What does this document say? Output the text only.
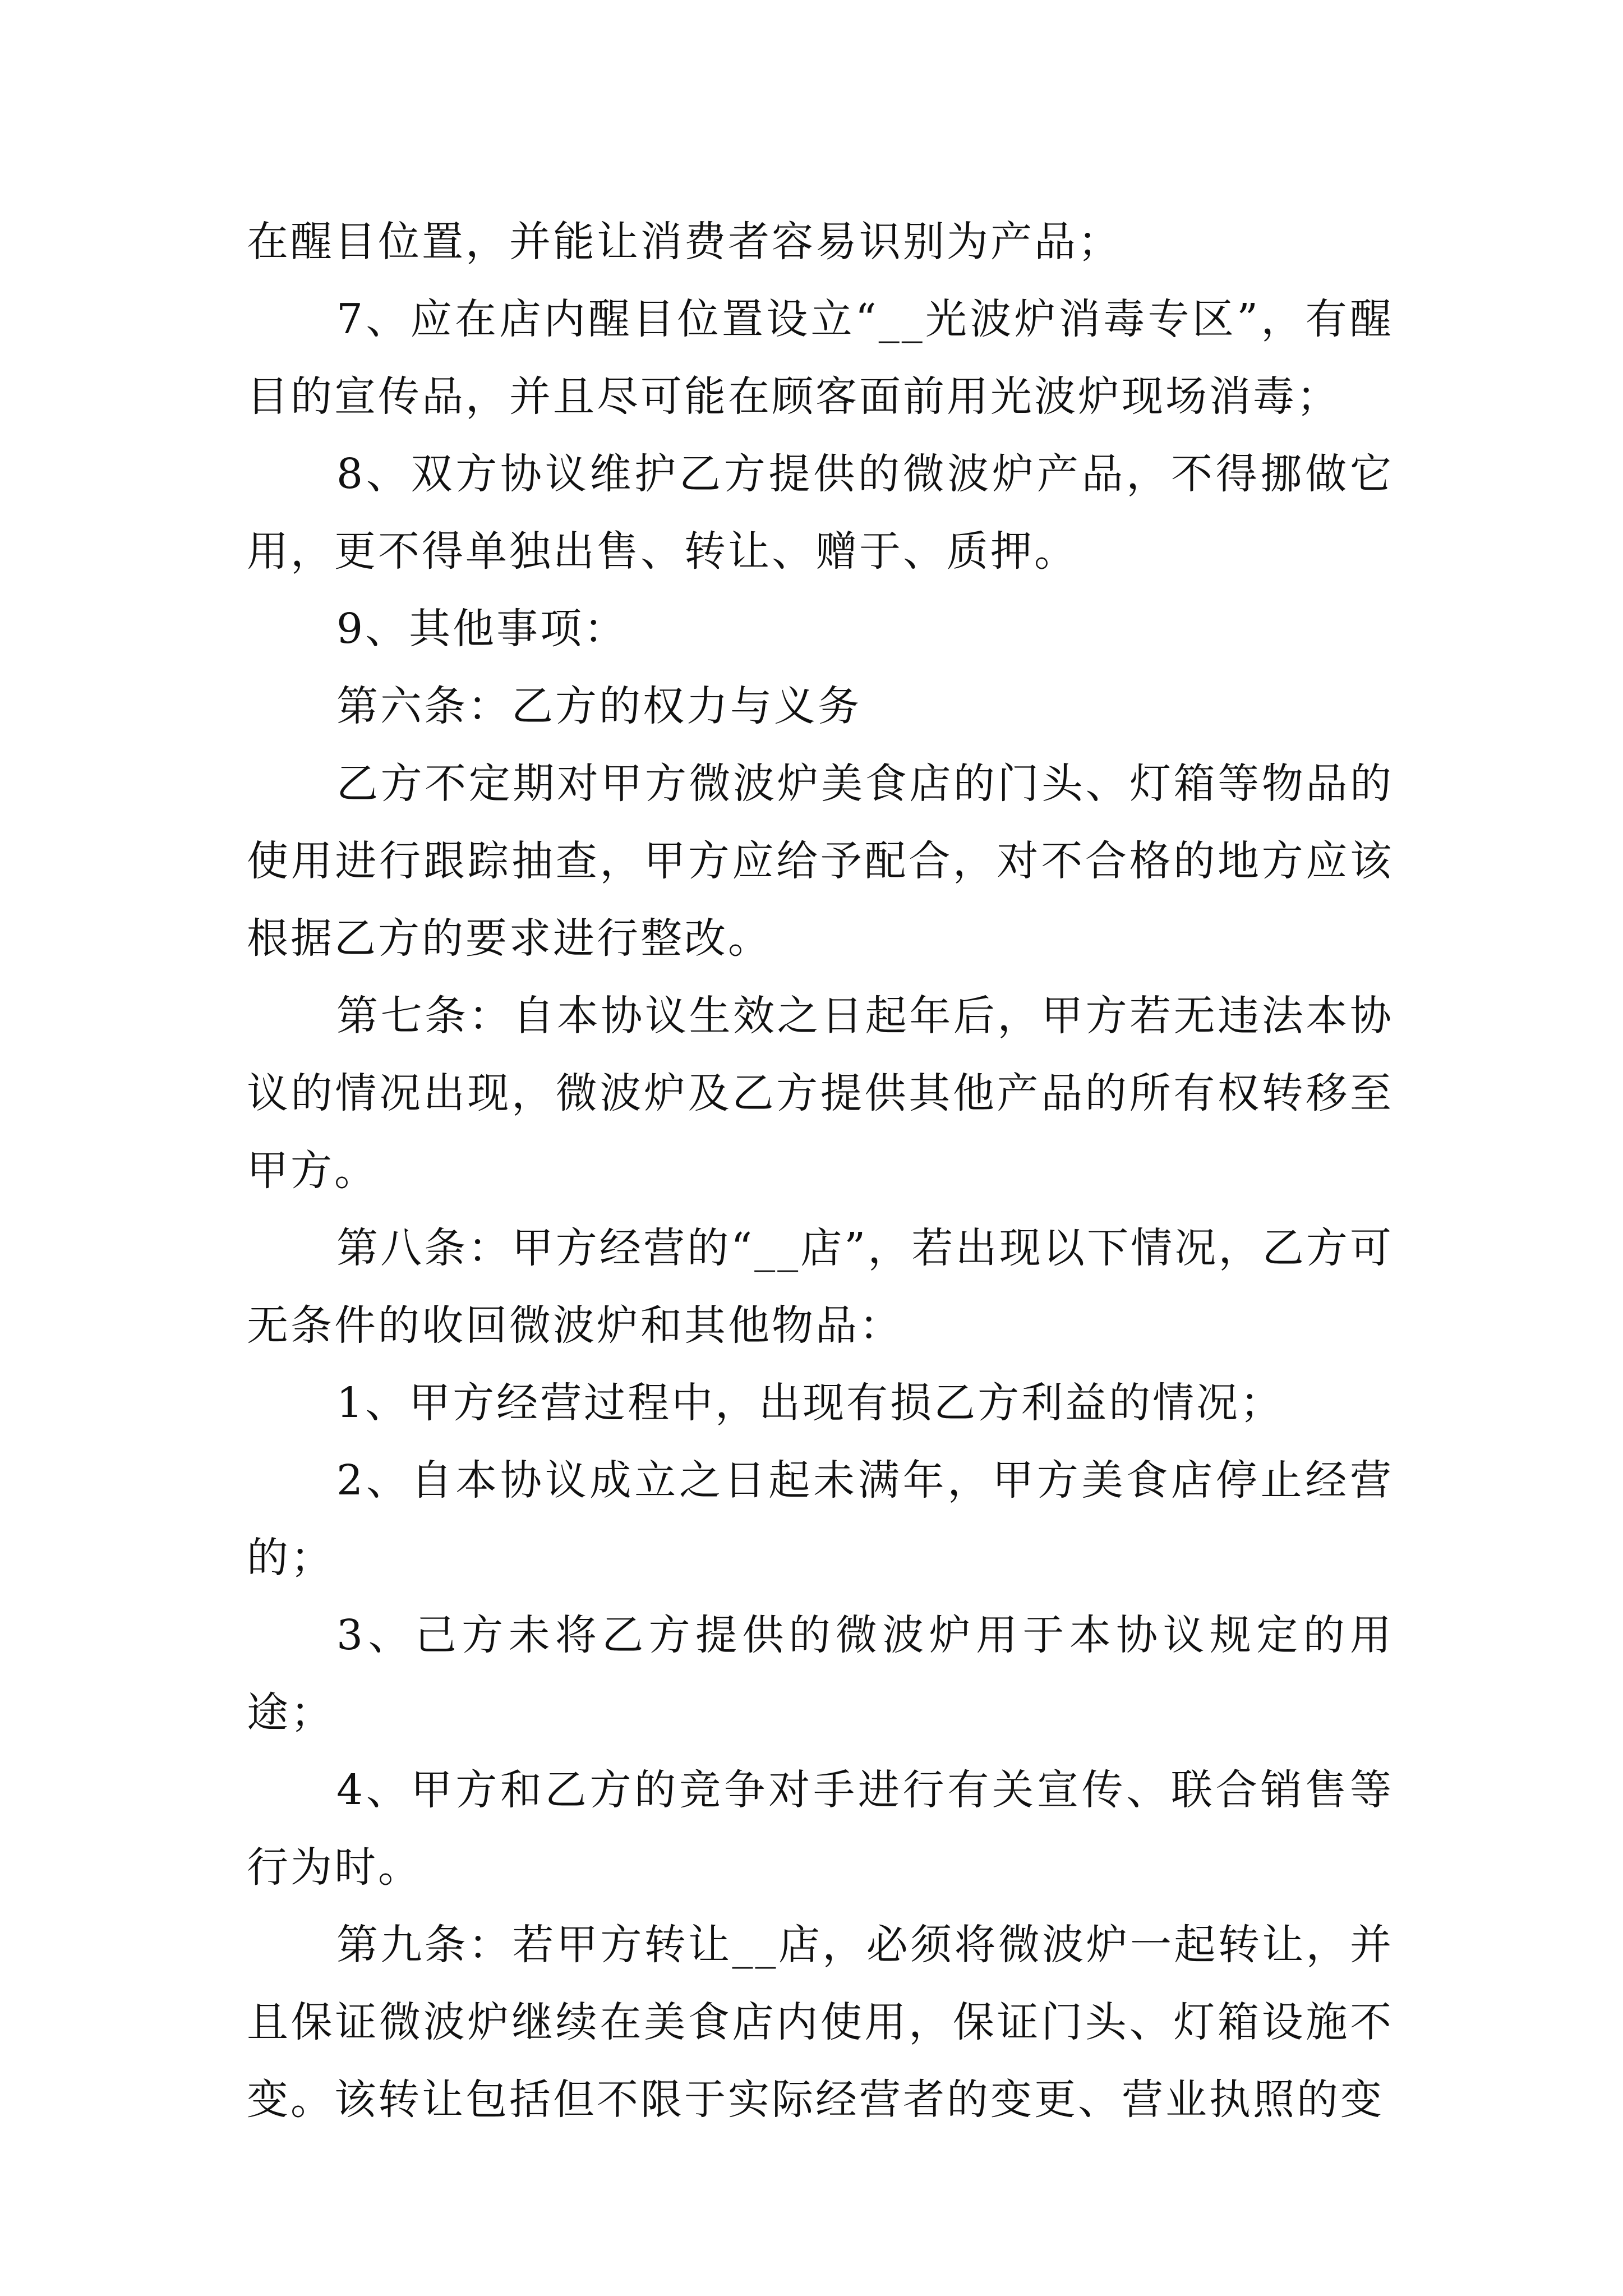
在醒目位置，并能让消费者容易识别为产品；

7、应在店内醒目位置设立“__光波炉消毒专区”，有醒目的宣传品，并且尽可能在顾客面前用光波炉现场消毒；

8、双方协议维护乙方提供的微波炉产品，不得挪做它用，更不得单独出售、转让、赠于、质押。

9、其他事项：

第六条：乙方的权力与义务

乙方不定期对甲方微波炉美食店的门头、灯箱等物品的使用进行跟踪抽查，甲方应给予配合，对不合格的地方应该根据乙方的要求进行整改。

第七条：自本协议生效之日起年后，甲方若无违法本协议的情况出现，微波炉及乙方提供其他产品的所有权转移至甲方。

第八条：甲方经营的“__店”，若出现以下情况，乙方可无条件的收回微波炉和其他物品：

1、甲方经营过程中，出现有损乙方利益的情况；

2、自本协议成立之日起未满年，甲方美食店停止经营的；

3、己方未将乙方提供的微波炉用于本协议规定的用途；

4、甲方和乙方的竞争对手进行有关宣传、联合销售等行为时。

第九条：若甲方转让__店，必须将微波炉一起转让，并且保证微波炉继续在美食店内使用，保证门头、灯箱设施不变。该转让包括但不限于实际经营者的变更、营业执照的变
